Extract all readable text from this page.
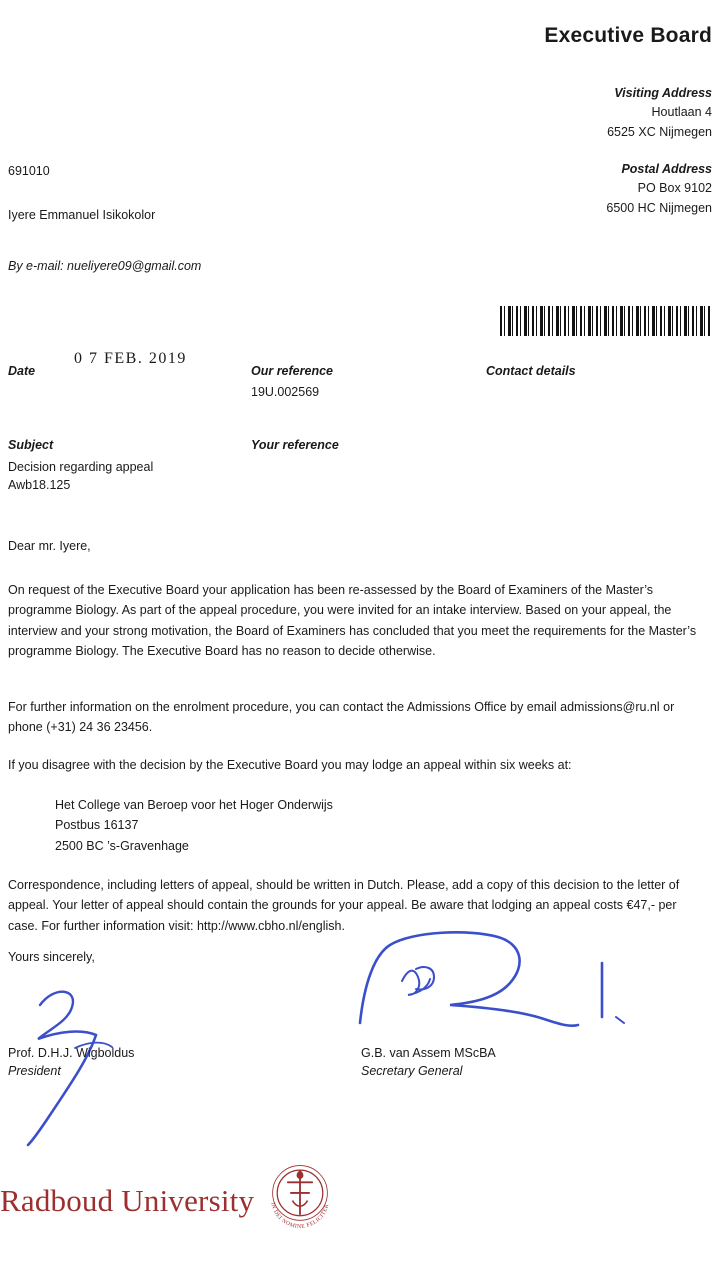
Executive Board
Visiting Address
Houtlaan 4
6525 XC Nijmegen
Postal Address
PO Box 9102
6500 HC Nijmegen
691010
Iyere Emmanuel Isikokolor
By e-mail: nueliyere09@gmail.com
Date
0 7 FEB. 2019
Our reference
19U.002569
Contact details
Subject
Decision regarding appeal
Awb18.125
Your reference
Dear mr. Iyere,
On request of the Executive Board your application has been re-assessed by the Board of Examiners of the Master’s programme Biology. As part of the appeal procedure, you were invited for an intake interview. Based on your appeal, the interview and your strong motivation, the Board of Examiners has concluded that you meet the requirements for the Master’s programme Biology. The Executive Board has no reason to decide otherwise.
For further information on the enrolment procedure, you can contact the Admissions Office by email admissions@ru.nl or phone (+31) 24 36 23456.
If you disagree with the decision by the Executive Board you may lodge an appeal within six weeks at:
Het College van Beroep voor het Hoger Onderwijs
Postbus 16137
2500 BC ’s-Gravenhage
Correspondence, including letters of appeal, should be written in Dutch. Please, add a copy of this decision to the letter of appeal. Your letter of appeal should contain the grounds for your appeal. Be aware that lodging an appeal costs €47,- per case. For further information visit: http://www.cbho.nl/english.
Yours sincerely,
Prof. D.H.J. Wigboldus
President
G.B. van Assem MScBA
Secretary General
Radboud University IN DEI NOMINE FELICITER
